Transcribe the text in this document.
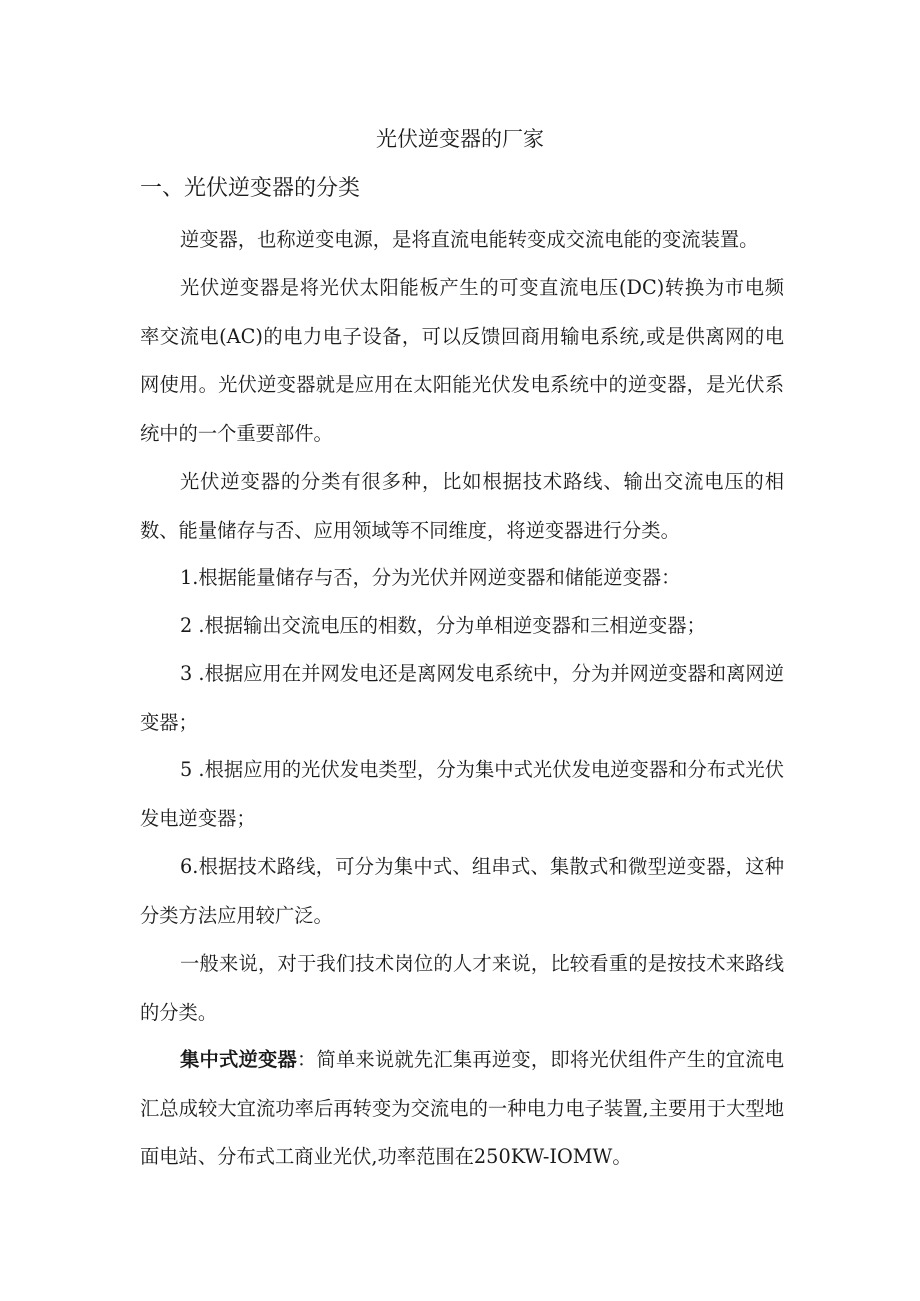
光伏逆变器的厂家
一、光伏逆变器的分类

逆变器，也称逆变电源，是将直流电能转变成交流电能的变流装置。

光伏逆变器是将光伏太阳能板产生的可变直流电压(DC)转换为市电频率交流电(AC)的电力电子设备，可以反馈回商用输电系统,或是供离网的电网使用。光伏逆变器就是应用在太阳能光伏发电系统中的逆变器，是光伏系统中的一个重要部件。

光伏逆变器的分类有很多种，比如根据技术路线、输出交流电压的相数、能量储存与否、应用领域等不同维度，将逆变器进行分类。

1.根据能量储存与否，分为光伏并网逆变器和储能逆变器：

2 .根据输出交流电压的相数，分为单相逆变器和三相逆变器；

3 .根据应用在并网发电还是离网发电系统中，分为并网逆变器和离网逆变器；

5 .根据应用的光伏发电类型，分为集中式光伏发电逆变器和分布式光伏发电逆变器；

6.根据技术路线，可分为集中式、组串式、集散式和微型逆变器，这种分类方法应用较广泛。

一般来说，对于我们技术岗位的人才来说，比较看重的是按技术来路线的分类。

集中式逆变器：简单来说就先汇集再逆变，即将光伏组件产生的宜流电汇总成较大宜流功率后再转变为交流电的一种电力电子装置,主要用于大型地面电站、分布式工商业光伏,功率范围在250KW-IOMW。
